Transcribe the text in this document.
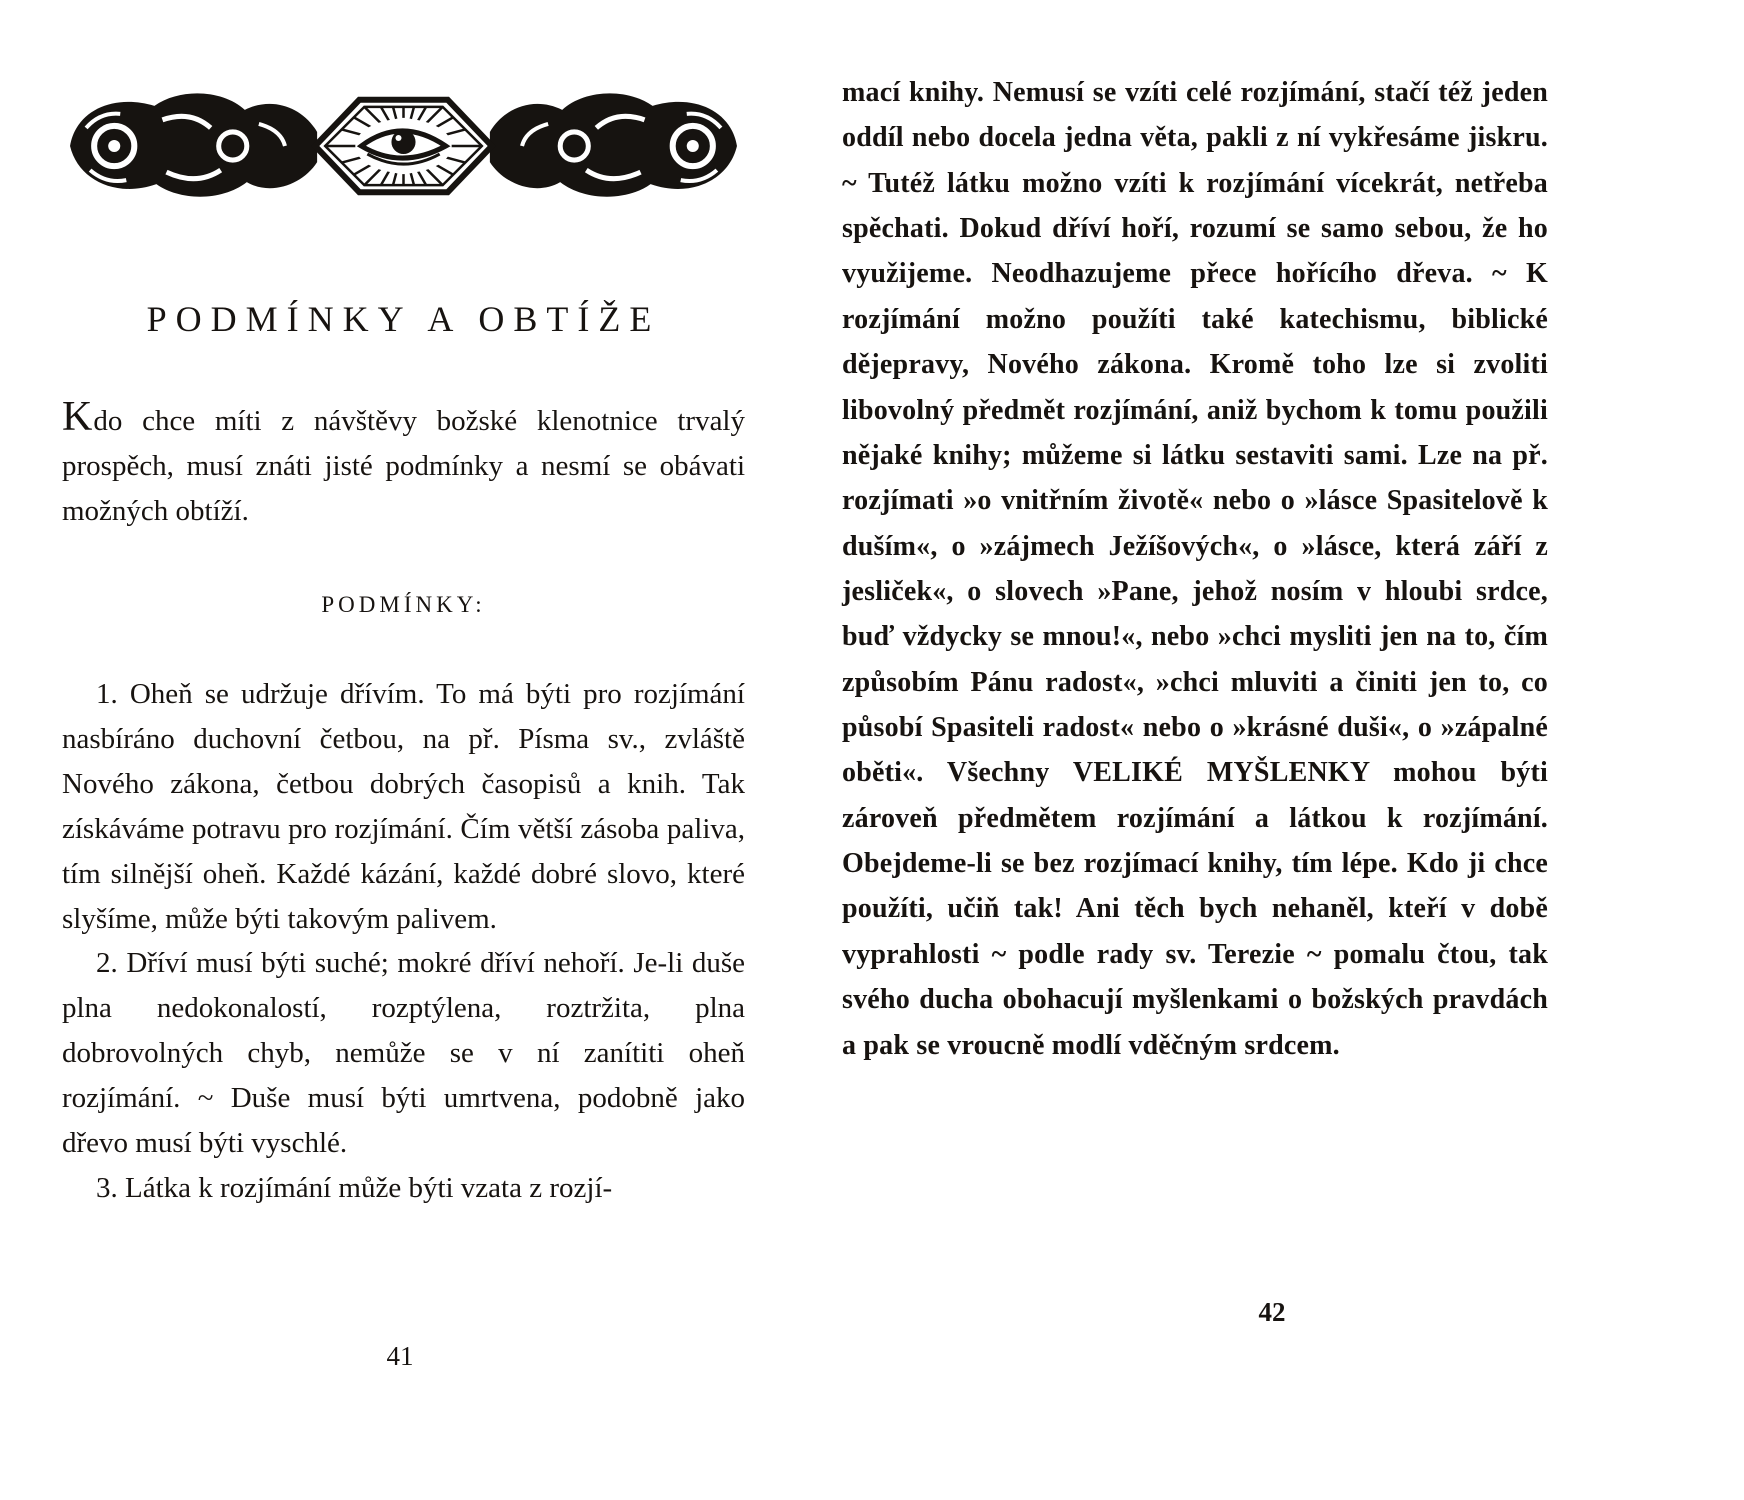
PODMÍNKY A OBTÍŽE

Kdo chce míti z návštěvy božské klenotnice trvalý prospěch, musí znáti jisté podmínky a nesmí se obávati možných obtíží.

PODMÍNKY:

1. Oheň se udržuje dřívím. To má býti pro rozjímání nasbíráno duchovní četbou, na př. Písma sv., zvláště Nového zákona, četbou dobrých časopisů a knih. Tak získáváme potravu pro rozjímání. Čím větší zásoba paliva, tím silnější oheň. Každé kázání, každé dobré slovo, které slyšíme, může býti takovým palivem.

2. Dříví musí býti suché; mokré dříví nehoří. Je-li duše plna nedokonalostí, rozptýlena, roztržita, plna dobrovolných chyb, nemůže se v ní zanítiti oheň rozjímání. ~ Duše musí býti umrtvena, podobně jako dřevo musí býti vyschlé.

3. Látka k rozjímání může býti vzata z rozjí-

41

mací knihy. Nemusí se vzíti celé rozjímání, stačí též jeden oddíl nebo docela jedna věta, pakli z ní vykřesáme jiskru. ~ Tutéž látku možno vzíti k rozjímání vícekrát, netřeba spěchati. Dokud dříví hoří, rozumí se samo sebou, že ho využijeme. Neodhazujeme přece hořícího dřeva. ~ K rozjímání možno použíti také katechismu, biblické dějepravy, Nového zákona. Kromě toho lze si zvoliti libovolný předmět rozjímání, aniž bychom k tomu použili nějaké knihy; můžeme si látku sestaviti sami. Lze na př. rozjímati »o vnitřním životě« nebo o »lásce Spasitelově k duším«, o »zájmech Ježíšových«, o »lásce, která září z jesliček«, o slovech »Pane, jehož nosím v hloubi srdce, buď vždycky se mnou!«, nebo »chci mysliti jen na to, čím způsobím Pánu radost«, »chci mluviti a činiti jen to, co působí Spasiteli radost« nebo o »krásné duši«, o »zápalné oběti«. Všechny VELIKÉ MYŠLENKY mohou býti zároveň předmětem rozjímání a látkou k rozjímání. Obejdeme-li se bez rozjímací knihy, tím lépe. Kdo ji chce použíti, učiň tak! Ani těch bych nehaněl, kteří v době vyprahlosti ~ podle rady sv. Terezie ~ pomalu čtou, tak svého ducha obohacují myšlenkami o božských pravdách a pak se vroucně modlí vděčným srdcem.

42
